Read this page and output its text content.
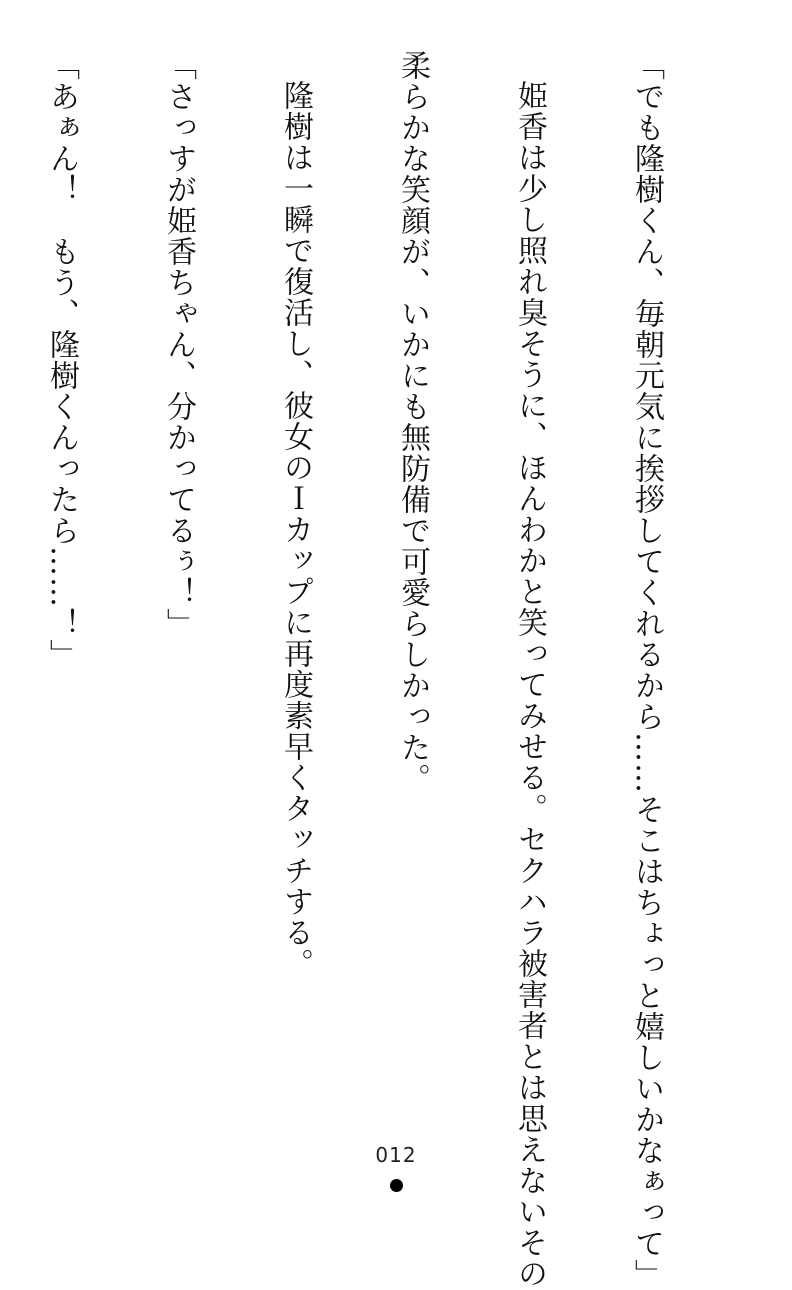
「でも隆樹くん、毎朝元気に挨拶してくれるから……そこはちょっと嬉しいかなぁって」

姫香は少し照れ臭そうに、ほんわかと笑ってみせる。セクハラ被害者とは思えないその

柔らかな笑顔が、いかにも無防備で可愛らしかった。

隆樹は一瞬で復活し、彼女のＩカップに再度素早くタッチする。

「さっすが姫香ちゃん、分かってるぅ！」

「あぁん！　もう、隆樹くんったら……！」

012
